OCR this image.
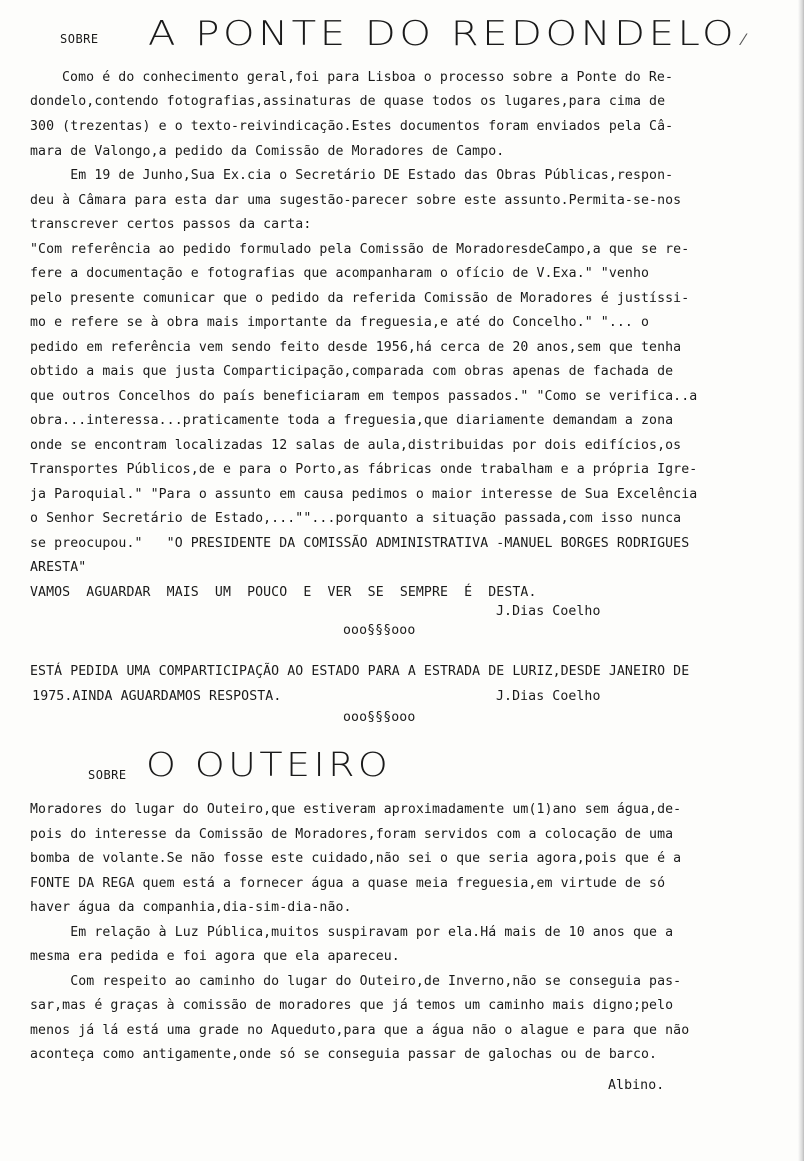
SOBRE A PONTE DO REDONDELO ⁄
Como é do conhecimento geral,foi para Lisboa o processo sobre a Ponte do Re-
dondelo,contendo fotografias,assinaturas de quase todos os lugares,para cima de
300 (trezentas) e o texto-reivindicação.Estes documentos foram enviados pela Câ-
mara de Valongo,a pedido da Comissão de Moradores de Campo.
Em 19 de Junho,Sua Ex.cia o Secretário DE Estado das Obras Públicas,respon-
deu à Câmara para esta dar uma sugestão-parecer sobre este assunto.Permita-se-nos
transcrever certos passos da carta:
"Com referência ao pedido formulado pela Comissão de MoradoresdeCampo,a que se re-
fere a documentação e fotografias que acompanharam o ofício de V.Exa." "venho
pelo presente comunicar que o pedido da referida Comissão de Moradores é justíssi-
mo e refere se à obra mais importante da freguesia,e até do Concelho." "... o
pedido em referência vem sendo feito desde 1956,há cerca de 20 anos,sem que tenha
obtido a mais que justa Comparticipação,comparada com obras apenas de fachada de
que outros Concelhos do país beneficiaram em tempos passados." "Como se verifica..a
obra...interessa...praticamente toda a freguesia,que diariamente demandam a zona
onde se encontram localizadas 12 salas de aula,distribuidas por dois edifícios,os
Transportes Públicos,de e para o Porto,as fábricas onde trabalham e a própria Igre-
ja Paroquial." "Para o assunto em causa pedimos o maior interesse de Sua Excelência
o Senhor Secretário de Estado,...""...porquanto a situação passada,com isso nunca
se preocupou."   "O PRESIDENTE DA COMISSÃO ADMINISTRATIVA -MANUEL BORGES RODRIGUES
ARESTA"
VAMOS  AGUARDAR  MAIS  UM  POUCO  E  VER  SE  SEMPRE  É  DESTA.
J.Dias Coelho
ooo§§§ooo
ESTÁ PEDIDA UMA COMPARTICIPAÇÃO AO ESTADO PARA A ESTRADA DE LURIZ,DESDE JANEIRO DE
1975.AINDA AGUARDAMOS RESPOSTA.	J.Dias Coelho
ooo§§§ooo
SOBRE O OUTEIRO
Moradores do lugar do Outeiro,que estiveram aproximadamente um(1)ano sem água,de-
pois do interesse da Comissão de Moradores,foram servidos com a colocação de uma
bomba de volante.Se não fosse este cuidado,não sei o que seria agora,pois que é a
FONTE DA REGA quem está a fornecer água a quase meia freguesia,em virtude de só
haver água da companhia,dia-sim-dia-não.
Em relação à Luz Pública,muitos suspiravam por ela.Há mais de 10 anos que a
mesma era pedida e foi agora que ela apareceu.
Com respeito ao caminho do lugar do Outeiro,de Inverno,não se conseguia pas-
sar,mas é graças à comissão de moradores que já temos um caminho mais digno;pelo
menos já lá está uma grade no Aqueduto,para que a água não o alague e para que não
aconteça como antigamente,onde só se conseguia passar de galochas ou de barco.
Albino.
